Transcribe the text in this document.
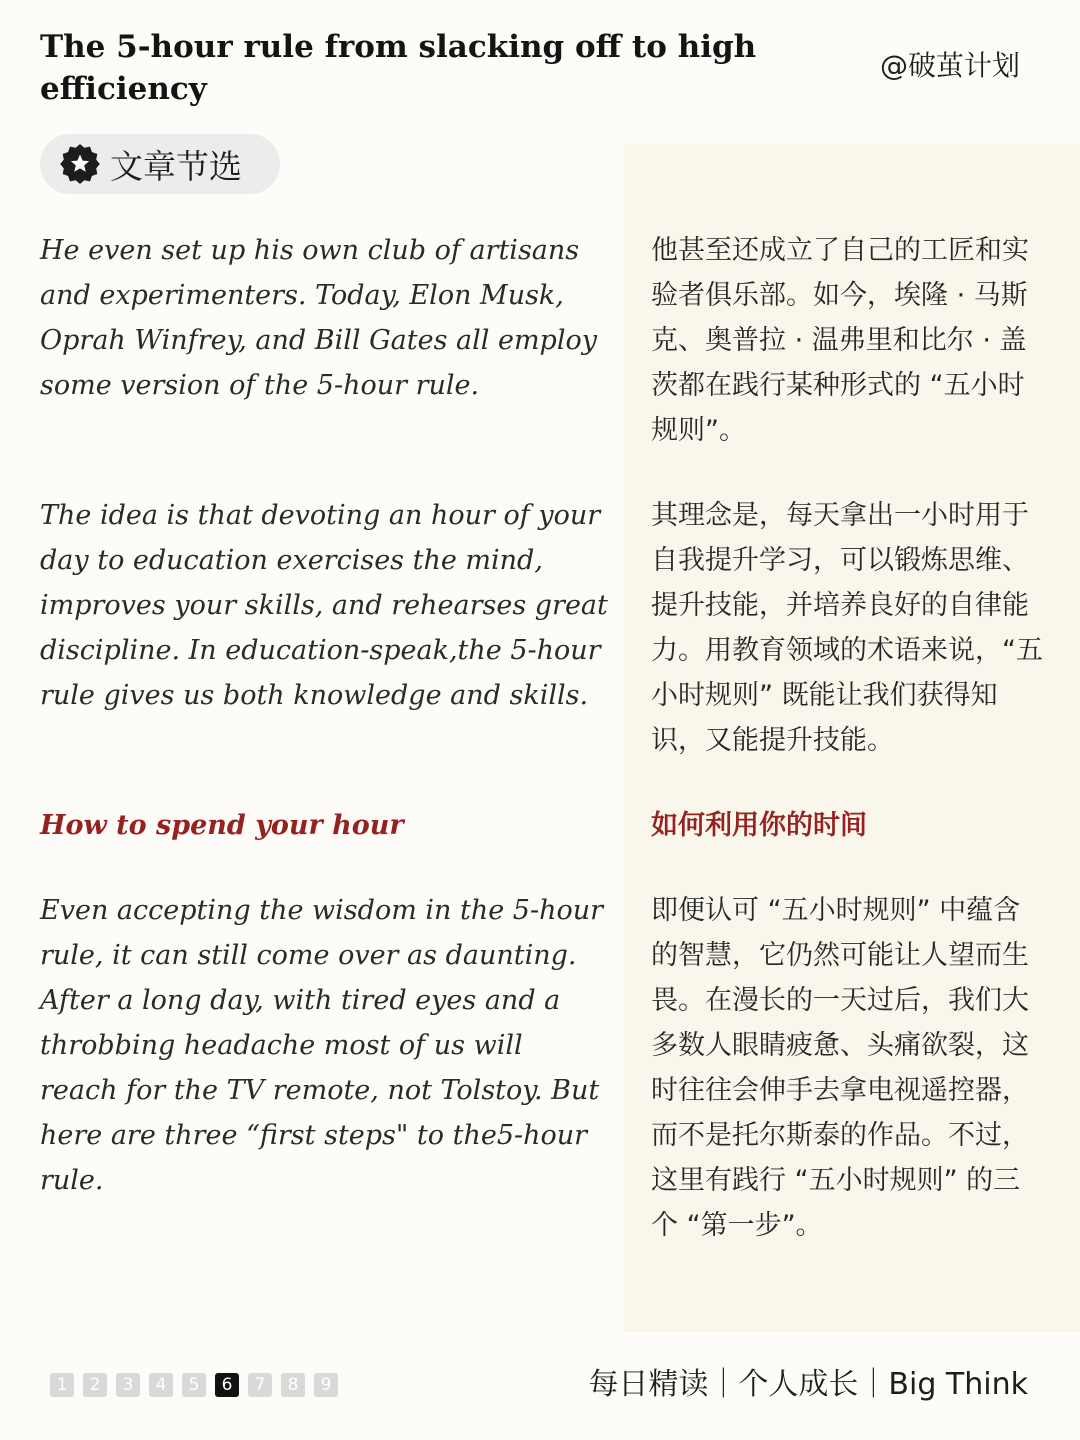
The 5-hour rule from slacking off to high efficiency
@破茧计划
文章节选

He even set up his own club of artisans and experimenters. Today, Elon Musk, Oprah Winfrey, and Bill Gates all employ some version of the 5-hour rule.

他甚至还成立了自己的工匠和实验者俱乐部。如今，埃隆 · 马斯克、奥普拉 · 温弗里和比尔 · 盖茨都在践行某种形式的 “五小时规则”。

The idea is that devoting an hour of your day to education exercises the mind, improves your skills, and rehearses great discipline. In education-speak,the 5-hour rule gives us both knowledge and skills.

其理念是，每天拿出一小时用于自我提升学习，可以锻炼思维、提升技能，并培养良好的自律能力。用教育领域的术语来说，“五小时规则” 既能让我们获得知识，又能提升技能。

How to spend your hour	如何利用你的时间

Even accepting the wisdom in the 5-hour rule, it can still come over as daunting. After a long day, with tired eyes and a throbbing headache most of us will reach for the TV remote, not Tolstoy. But here are three “first steps" to the5-hour rule.

即便认可 “五小时规则” 中蕴含的智慧，它仍然可能让人望而生畏。在漫长的一天过后，我们大多数人眼睛疲惫、头痛欲裂，这时往往会伸手去拿电视遥控器，而不是托尔斯泰的作品。不过，这里有践行 “五小时规则” 的三个 “第一步”。

1	2	3	4	5	6	7	8	9	每日精读｜个人成长｜Big Think
